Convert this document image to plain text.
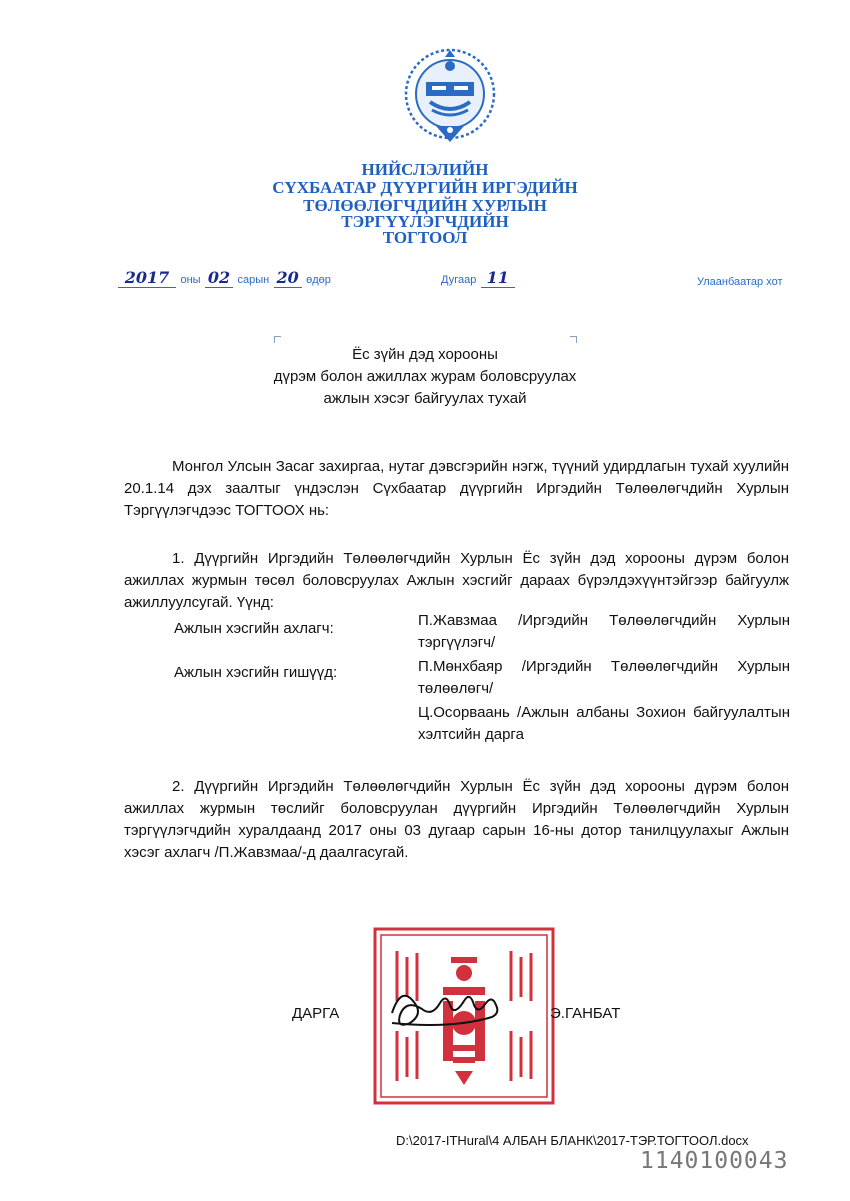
НИЙСЛЭЛИЙН
СҮХБААТАР ДҮҮРГИЙН ИРГЭДИЙН
ТӨЛӨӨЛӨГЧДИЙН ХУРЛЫН
ТЭРГҮҮЛЭГЧДИЙН
ТОГТООЛ
2017 оны 02 сарын 20 өдөр	Дугаар 11	Улаанбаатар хот
Ёс зүйн дэд хорооны
дүрэм болон ажиллах журам боловсруулах
ажлын хэсэг байгуулах тухай
Монгол Улсын Засаг захиргаа, нутаг дэвсгэрийн нэгж, түүний удирдлагын тухай хуулийн 20.1.14 дэх заалтыг үндэслэн Сүхбаатар дүүргийн Иргэдийн Төлөөлөгчдийн Хурлын Тэргүүлэгчдээс ТОГТООХ нь:
1. Дүүргийн Иргэдийн Төлөөлөгчдийн Хурлын Ёс зүйн дэд хорооны дүрэм болон ажиллах журмын төсөл боловсруулах Ажлын хэсгийг дараах бүрэлдэхүүнтэйгээр байгуулж ажиллуулсугай. Үүнд:
Ажлын хэсгийн ахлагч:	П.Жавзмаа /Иргэдийн Төлөөлөгчдийн Хурлын тэргүүлэгч/
Ажлын хэсгийн гишүүд:	П.Мөнхбаяр /Иргэдийн Төлөөлөгчдийн Хурлын төлөөлөгч/
Ц.Осорваань /Ажлын албаны Зохион байгуулалтын хэлтсийн дарга
2. Дүүргийн Иргэдийн Төлөөлөгчдийн Хурлын Ёс зүйн дэд хорооны дүрэм болон ажиллах журмын төслийг боловсруулан дүүргийн Иргэдийн Төлөөлөгчдийн Хурлын тэргүүлэгчдийн хуралдаанд 2017 оны 03 дугаар сарын 16-ны дотор танилцуулахыг Ажлын хэсэг ахлагч /П.Жавзмаа/-д даалгасугай.
ДАРГА	Э.ГАНБАТ
D:\2017-ITHural\4 АЛБАН БЛАНК\2017-ТЭР.ТОГТООЛ.docx
1140100043
